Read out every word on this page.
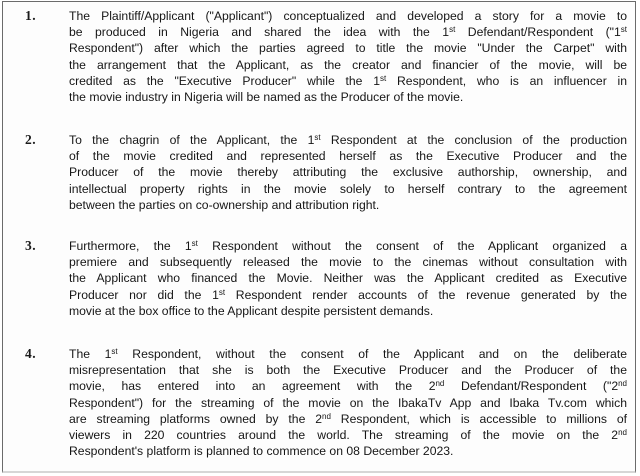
1.	The Plaintiff/Applicant ("Applicant") conceptualized and developed a story for a movie to
be produced in Nigeria and shared the idea with the 1st Defendant/Respondent ("1st
Respondent") after which the parties agreed to title the movie "Under the Carpet" with
the arrangement that the Applicant, as the creator and financier of the movie, will be
credited as the "Executive Producer" while the 1st Respondent, who is an influencer in
the movie industry in Nigeria will be named as the Producer of the movie.
2.	To the chagrin of the Applicant, the 1st Respondent at the conclusion of the production
of the movie credited and represented herself as the Executive Producer and the
Producer of the movie thereby attributing the exclusive authorship, ownership, and
intellectual property rights in the movie solely to herself contrary to the agreement
between the parties on co-ownership and attribution right.
3.	Furthermore, the 1st Respondent without the consent of the Applicant organized a
premiere and subsequently released the movie to the cinemas without consultation with
the Applicant who financed the Movie. Neither was the Applicant credited as Executive
Producer nor did the 1st Respondent render accounts of the revenue generated by the
movie at the box office to the Applicant despite persistent demands.
4.	The 1st Respondent, without the consent of the Applicant and on the deliberate
misrepresentation that she is both the Executive Producer and the Producer of the
movie, has entered into an agreement with the 2nd Defendant/Respondent ("2nd
Respondent") for the streaming of the movie on the IbakaTv App and Ibaka Tv.com which
are streaming platforms owned by the 2nd Respondent, which is accessible to millions of
viewers in 220 countries around the world. The streaming of the movie on the 2nd
Respondent's platform is planned to commence on 08 December 2023.
